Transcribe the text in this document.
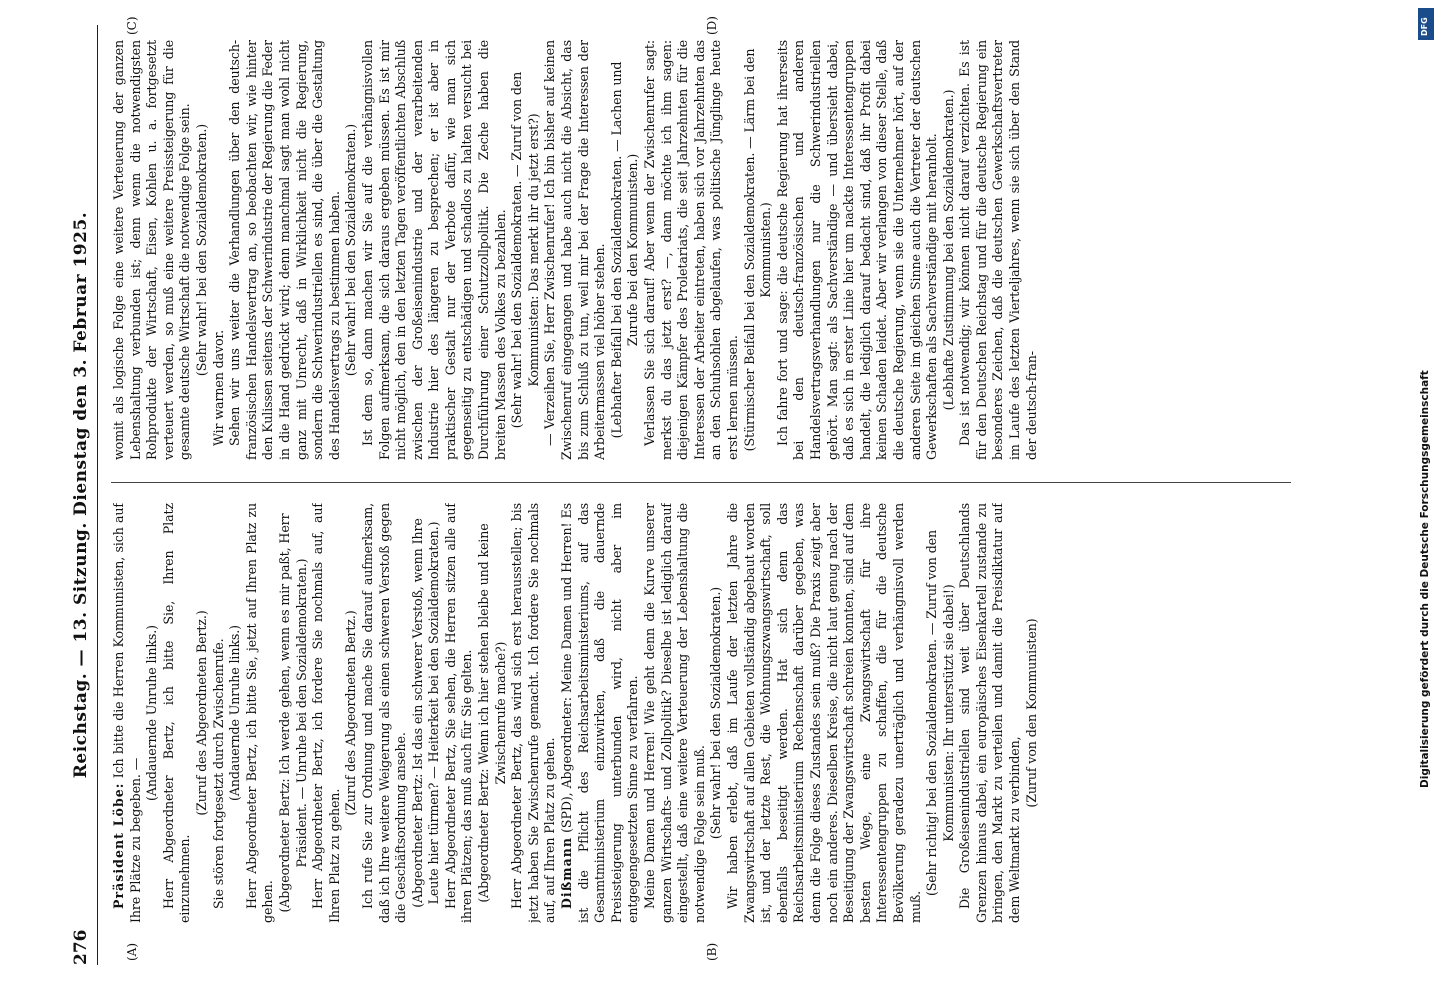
276
Reichstag. — 13. Sitzung. Dienstag den 3. Februar 1925.
(A)	(B)
(C)	(D)

Präsident Löbe: Ich bitte die Herren Kommunisten, sich auf Ihre Plätze zu begeben. —

(Andauernde Unruhe links.) Herr Abgeordneter Bertz, ich bitte Sie, Ihren Platz einzunehmen.

(Zuruf des Abgeordneten Bertz.) Sie stören fortgesetzt durch Zwischenrufe. (Andauernde Unruhe links.) Herr Abgeordneter Bertz, ich bitte Sie, jetzt auf Ihren Platz zu gehen. (Abgeordneter Bertz: Ich werde gehen, wenn es mir paßt, Herr Präsident. — Unruhe bei den Sozialdemokraten.) Herr Abgeordneter Bertz, ich fordere Sie nochmals auf, auf Ihren Platz zu gehen.

(Zuruf des Abgeordneten Bertz.) Ich rufe Sie zur Ordnung und mache Sie darauf aufmerksam, daß ich Ihre weitere Weigerung als einen schweren Verstoß gegen die Geschäftsordnung ansehe. (Abgeordneter Bertz: Ist das ein schwerer Verstoß, wenn Ihre Leute hier türmen? — Heiterkeit bei den Sozialdemokraten.) Herr Abgeordneter Bertz, Sie sehen, die Herren sitzen alle auf ihren Plätzen; das muß auch für Sie gelten. (Abgeordneter Bertz: Wenn ich hier stehen bleibe und keine Zwischenrufe mache?) Herr Abgeordneter Bertz, das wird sich erst herausstellen; bis jetzt haben Sie Zwischenrufe gemacht. Ich fordere Sie nochmals auf, auf Ihren Platz zu gehen. Dißmann (SPD), Abgeordneter: Meine Damen und Herren! Es ist die Pflicht des Reichsarbeitsministeriums, auf das Gesamtministerium einzuwirken, daß die dauernde Preissteigerung unterbunden wird, nicht aber im entgegengesetzten Sinne zu verfahren. Meine Damen und Herren! Wie geht denn die Kurve unserer ganzen Wirtschafts- und Zollpolitik? Dieselbe ist lediglich darauf eingestellt, daß eine weitere Verteuerung der Lebenshaltung die notwendige Folge sein muß. (Sehr wahr! bei den Sozialdemokraten.) Wir haben erlebt, daß im Laufe der letzten Jahre die Zwangswirtschaft auf allen Gebieten vollständig abgebaut worden ist, und der letzte Rest, die Wohnungszwangswirtschaft, soll ebenfalls beseitigt werden. Hat sich denn das Reichsarbeitsministerium Rechenschaft darüber gegeben, was denn die Folge dieses Zustandes sein muß? Die Praxis zeigt aber noch ein anderes. Dieselben Kreise, die nicht laut genug nach der Beseitigung der Zwangswirtschaft schreien konnten, sind auf dem besten Wege, eine Zwangswirtschaft für ihre Interessentengruppen zu schaffen, die für die deutsche Bevölkerung geradezu unerträglich und verhängnisvoll werden muß.

(Sehr richtig! bei den Sozialdemokraten. — Zuruf von den Kommunisten: Ihr unterstützt sie dabei!) Die Großeisenindustriellen sind weit über Deutschlands Grenzen hinaus dabei, ein europäisches Eisenkartell zustande zu bringen, den Markt zu verteilen und damit die Preisdiktatur auf dem Weltmarkt zu verbinden,

(Zuruf von den Kommunisten)

womit als logische Folge eine weitere Verteuerung der ganzen Lebenshaltung verbunden ist; denn wenn die notwendigsten Rohprodukte der Wirtschaft, Eisen, Kohlen u. a. fortgesetzt verteuert werden, so muß eine weitere Preissteigerung für die gesamte deutsche Wirtschaft die notwendige Folge sein. (Sehr wahr! bei den Sozialdemokraten.)

Wir warnen davor. Sehen wir uns weiter die Verhandlungen über den deutsch-französischen Handelsvertrag an, so beobachten wir, wie hinter den Kulissen seitens der Schwerindustrie der Regierung die Feder in die Hand gedrückt wird; denn manchmal sagt man wohl nicht ganz mit Unrecht, daß in Wirklichkeit nicht die Regierung, sondern die Schwerindustriellen es sind, die über die Gestaltung des Handelsvertrags zu bestimmen haben. (Sehr wahr! bei den Sozialdemokraten.) Ist dem so, dann machen wir Sie auf die verhängnisvollen Folgen aufmerksam, die sich daraus ergeben müssen. Es ist mir nicht möglich, den in den letzten Tagen veröffentlichten Abschluß zwischen der Großeisenindustrie und der verarbeitenden Industrie hier des längeren zu besprechen; er ist aber in praktischer Gestalt nur der Verbote dafür, wie man sich gegenseitig zu entschädigen und schadlos zu halten versucht bei Durchführung einer Schutzzollpolitik. Die Zeche haben die breiten Massen des Volkes zu bezahlen. (Sehr wahr! bei den Sozialdemokraten. — Zuruf von den Kommunisten: Das merkt ihr du jetzt erst?) — Verzeihen Sie, Herr Zwischenrufer! Ich bin bisher auf keinen Zwischenruf eingegangen und habe auch nicht die Absicht, das bis zum Schluß zu tun, weil mir bei der Frage die Interessen der Arbeitermassen viel höher stehen. (Lebhafter Beifall bei den Sozialdemokraten. — Lachen und Zurufe bei den Kommunisten.) Verlassen Sie sich darauf! Aber wenn der Zwischenrufer sagt: merkst du das jetzt erst? —, dann möchte ich ihm sagen: diejenigen Kämpfer des Proletariats, die seit Jahrzehnten für die Interessen der Arbeiter eintreten, haben sich vor Jahrzehnten das an den Schuhsohlen abgelaufen, was politische Jünglinge heute erst lernen müssen. (Stürmischer Beifall bei den Sozialdemokraten. — Lärm bei den Kommunisten.) Ich fahre fort und sage: die deutsche Regierung hat ihrerseits bei den deutsch-französischen und anderen Handelsvertragsverhandlungen nur die Schwerindustriellen gehört. Man sagt: als Sachverständige — und übersieht dabei, daß es sich in erster Linie hier um nackte Interessentengruppen handelt, die lediglich darauf bedacht sind, daß ihr Profit dabei keinen Schaden leidet. Aber wir verlangen von dieser Stelle, daß die deutsche Regierung, wenn sie die Unternehmer hört, auf der anderen Seite im gleichen Sinne auch die Vertreter der deutschen Gewerkschaften als Sachverständige mit heranholt. (Lebhafte Zustimmung bei den Sozialdemokraten.) Das ist notwendig; wir können nicht darauf verzichten. Es ist für den Deutschen Reichstag und für die deutsche Regierung ein besonderes Zeichen, daß die deutschen Gewerkschaftsvertreter im Laufe des letzten Vierteljahres, wenn sie sich über den Stand der deutsch-fran-

DFG
Digitalisierung gefördert durch die Deutsche Forschungsgemeinschaft
